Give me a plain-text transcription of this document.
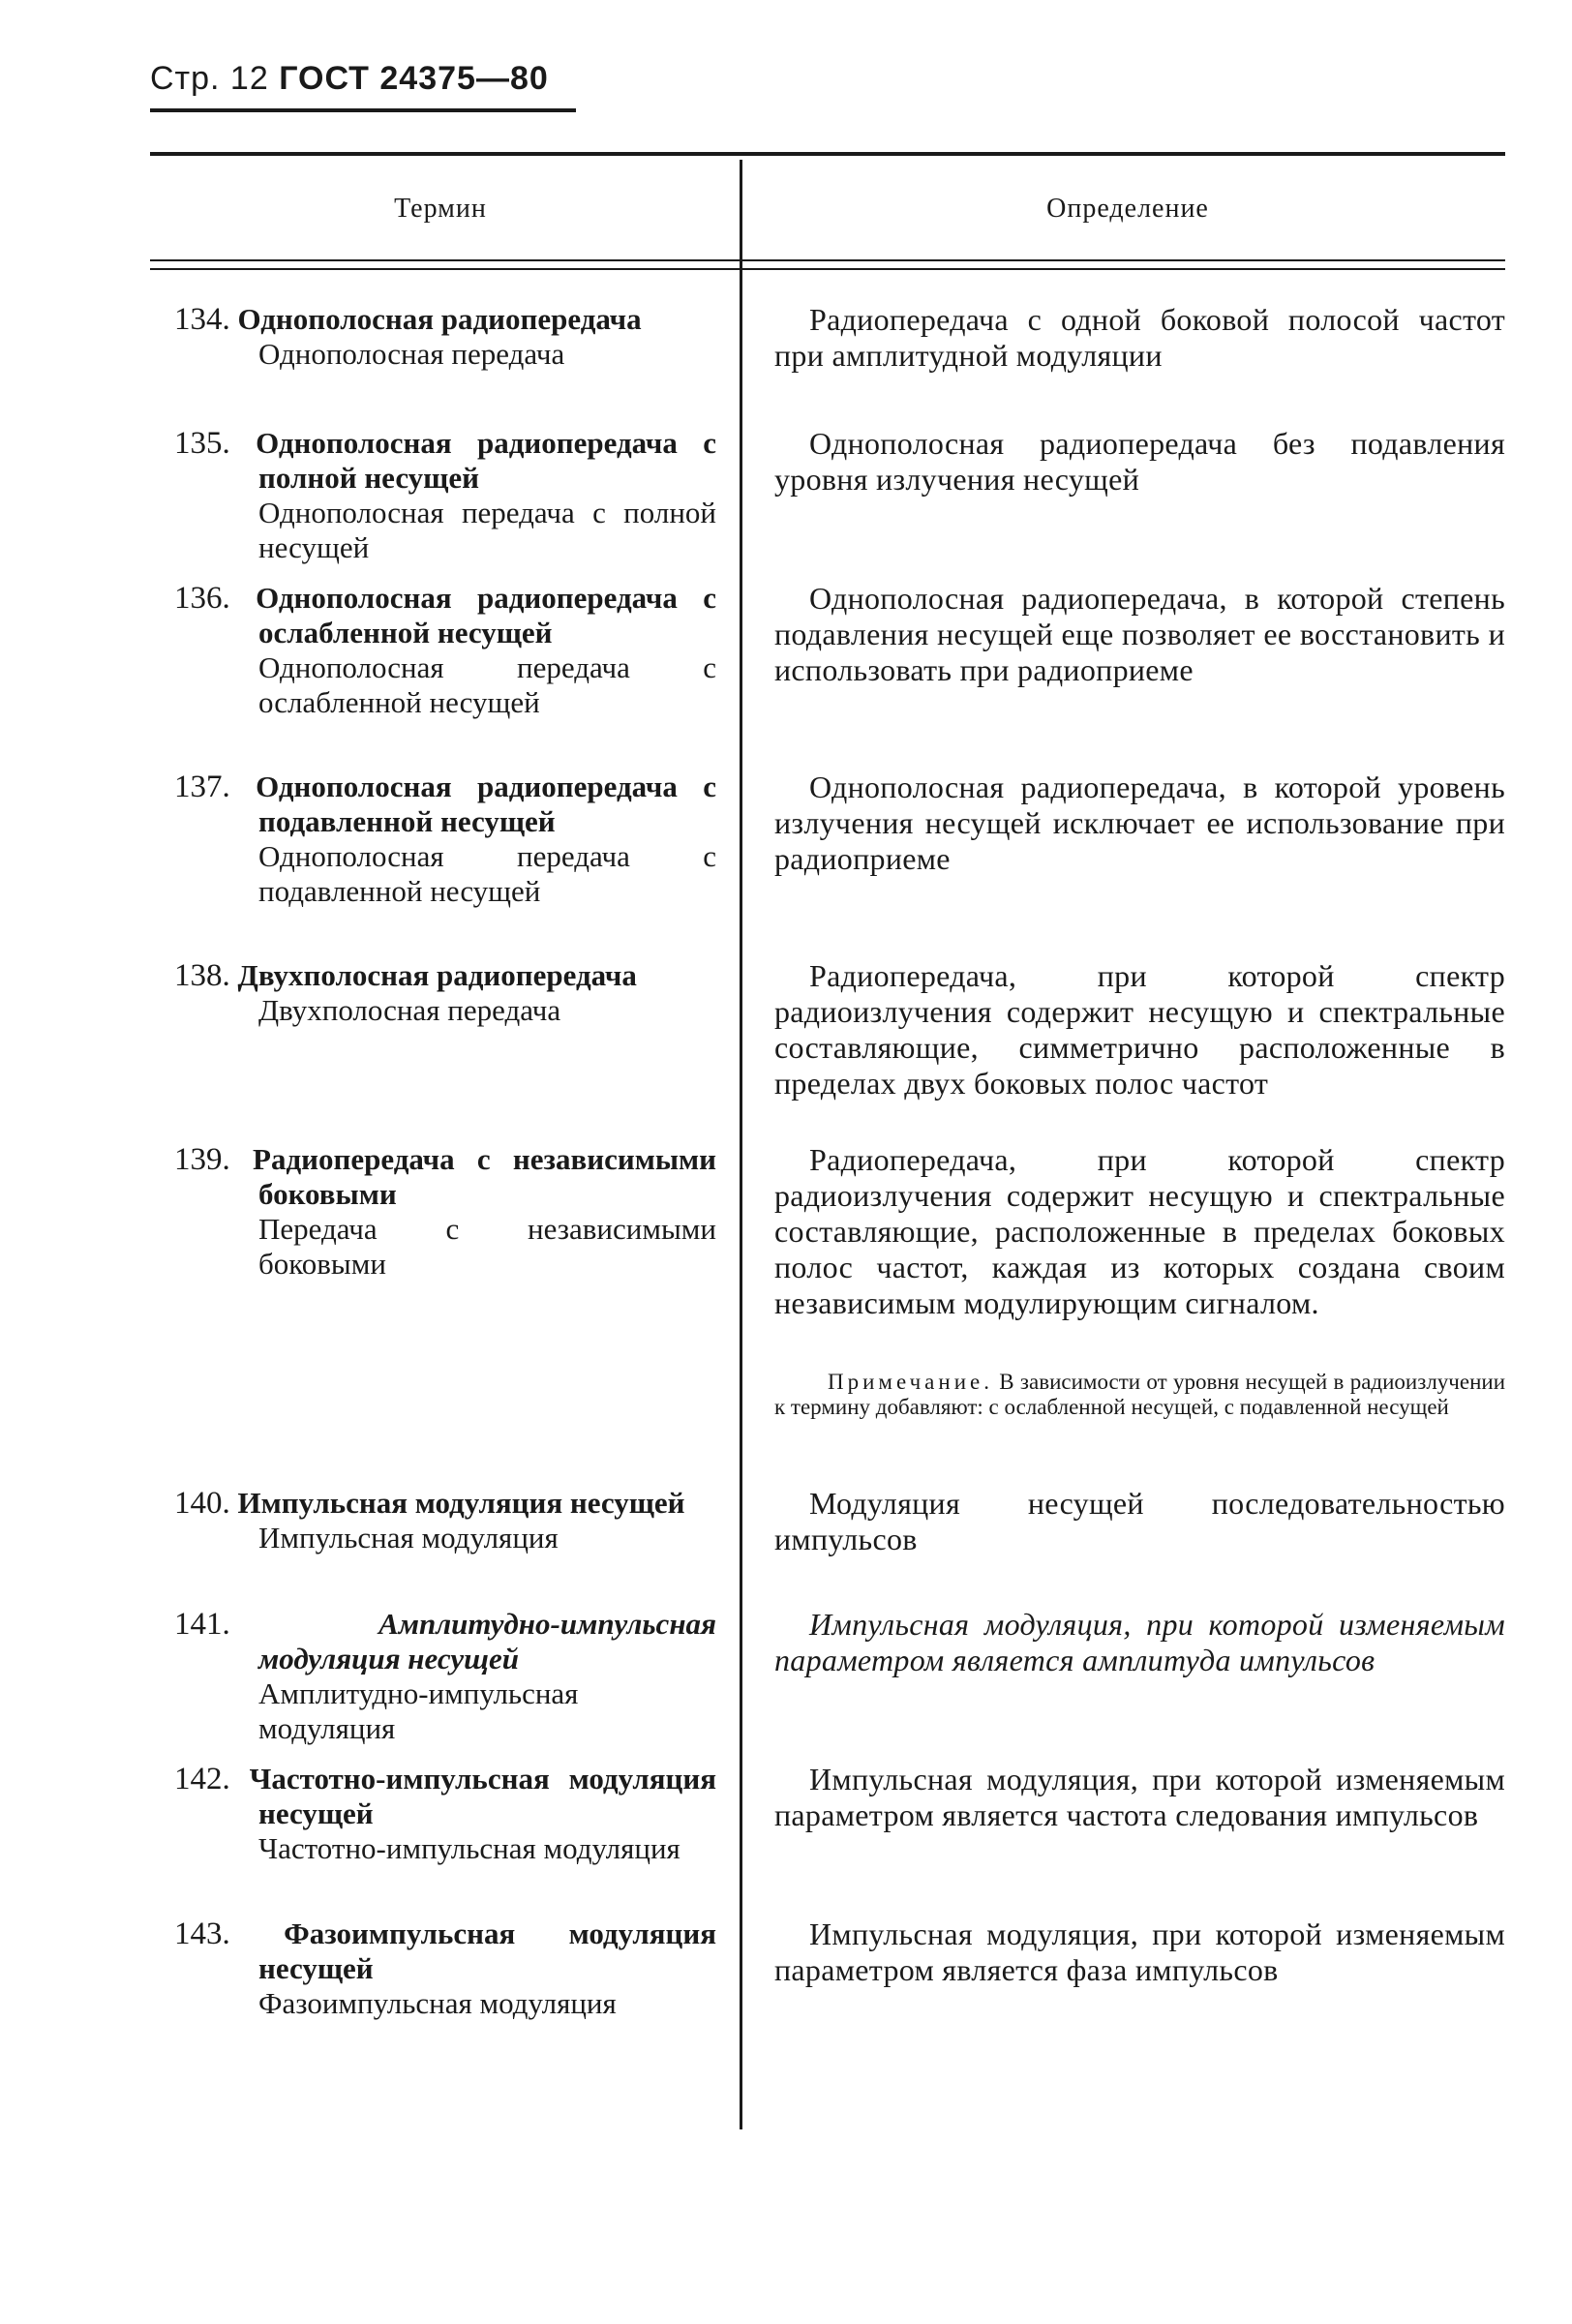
Стр. 12 ГОСТ 24375—80
Термин	Определение
134. Однополосная радиопередача
Однополосная передача
Радиопередача с одной боковой полосой частот при амплитудной модуляции
135. Однополосная радиопередача с полной несущей
Однополосная передача с полной несущей
Однополосная радиопередача без подавления уровня излучения несущей
136. Однополосная радиопередача с ослабленной несущей
Однополосная передача с ослабленной несущей
Однополосная радиопередача, в которой степень подавления несущей еще позволяет ее восстановить и использовать при радиоприеме
137. Однополосная радиопередача с подавленной несущей
Однополосная передача с подавленной несущей
Однополосная радиопередача, в которой уровень излучения несущей исключает ее использование при радиоприеме
138. Двухполосная радиопередача
Двухполосная передача
Радиопередача, при которой спектр радиоизлучения содержит несущую и спектральные составляющие, симметрично расположенные в пределах двух боковых полос частот
139. Радиопередача с независимыми боковыми
Передача с независимыми боковыми
Радиопередача, при которой спектр радиоизлучения содержит несущую и спектральные составляющие, расположенные в пределах боковых полос частот, каждая из которых создана своим независимым модулирующим сигналом.
Примечание. В зависимости от уровня несущей в радиоизлучении к термину добавляют: с ослабленной несущей, с подавленной несущей
140. Импульсная модуляция несущей
Импульсная модуляция
Модуляция несущей последовательностью импульсов
141.	Амплитудно-импульсная модуляция несущей
Амплитудно-импульсная модуляция
Импульсная модуляция, при которой изменяемым параметром является амплитуда импульсов
142. Частотно-импульсная модуляция несущей
Частотно-импульсная модуляция
Импульсная модуляция, при которой изменяемым параметром является частота следования импульсов
143. Фазоимпульсная модуляция несущей
Фазоимпульсная модуляция
Импульсная модуляция, при которой изменяемым параметром является фаза импульсов
